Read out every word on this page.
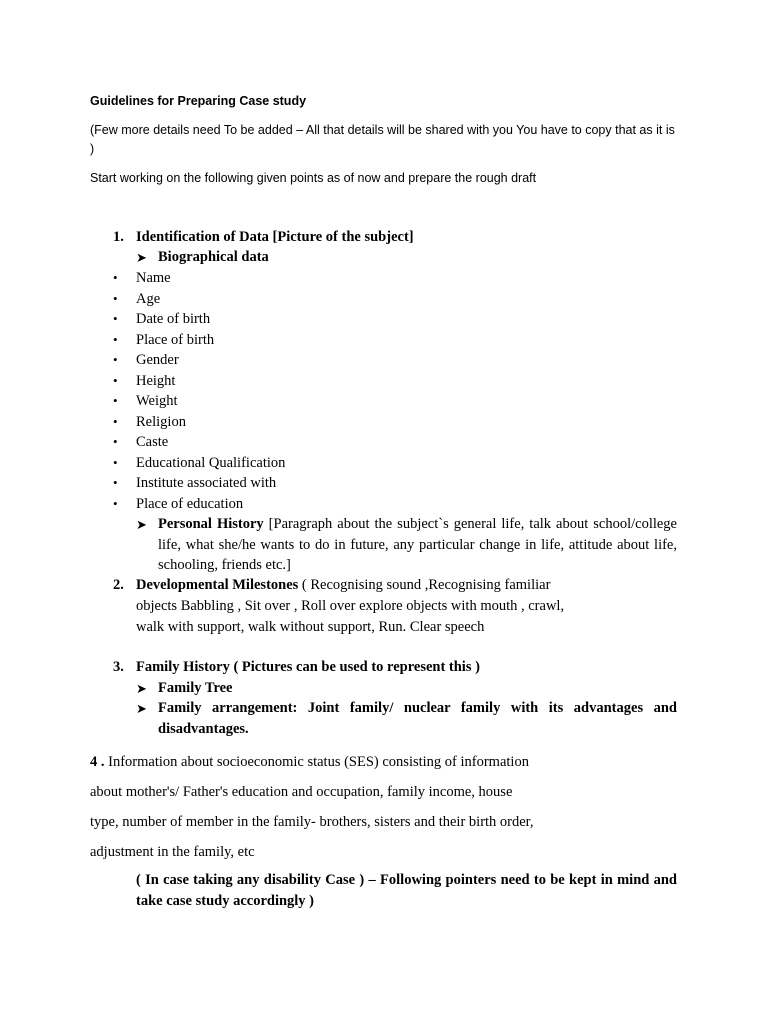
Guidelines for Preparing Case study
(Few more details need To be added – All that details will be shared with you You have to copy that as it is )
Start working on the following given points as of now and prepare the rough draft
1. Identification of Data [Picture of the subject]
➤ Biographical data
• Name
• Age
• Date of birth
• Place of birth
• Gender
• Height
• Weight
• Religion
• Caste
• Educational Qualification
• Institute associated with
• Place of education
➤ Personal History [Paragraph about the subject`s general life, talk about school/college life, what she/he wants to do in future, any particular change in life, attitude about life, schooling, friends etc.]
2. Developmental Milestones ( Recognising sound ,Recognising familiar
objects Babbling , Sit over , Roll over explore objects with mouth , crawl,
walk with support, walk without support, Run. Clear speech
3. Family History ( Pictures can be used to represent this )
➤ Family Tree
➤ Family arrangement: Joint family/ nuclear family with its advantages and disadvantages.
4 . Information about socioeconomic status (SES) consisting of information
about mother's/ Father's education and occupation, family income, house
type, number of member in the family- brothers, sisters and their birth order,
adjustment in the family, etc
( In case taking any disability Case ) – Following pointers need to be kept in mind and take case study accordingly )
